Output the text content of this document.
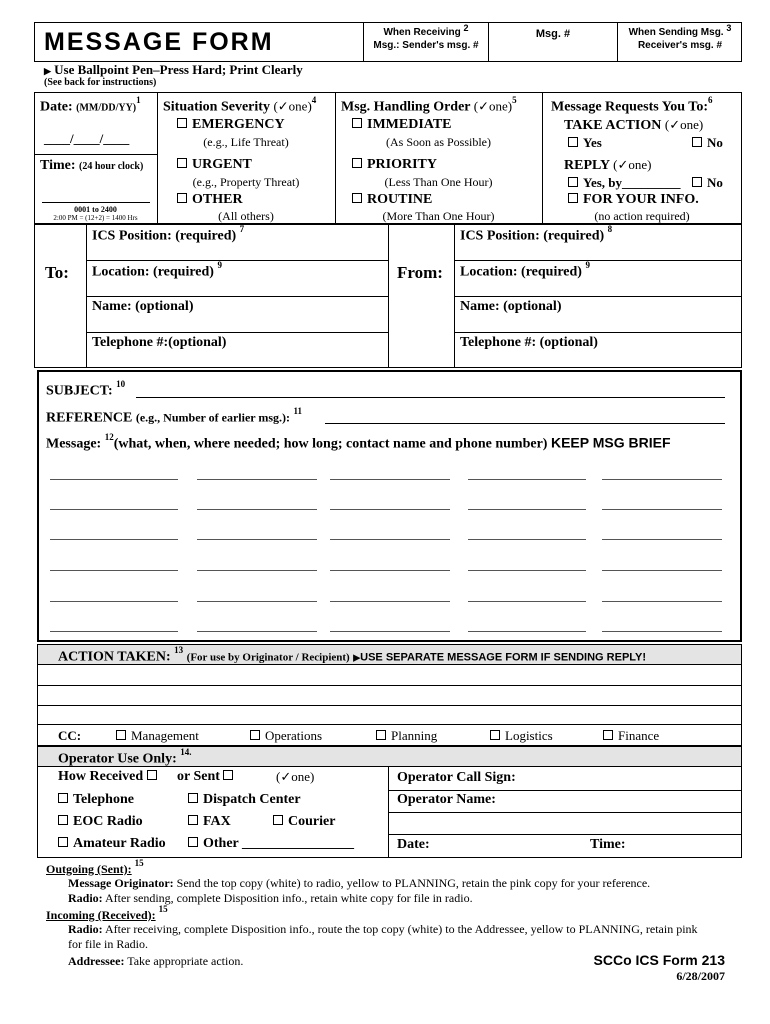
MESSAGE FORM	When Receiving 2
Msg.: Sender's msg. #
Msg. #	When Sending Msg. 3
Receiver's msg. #
▶ Use Ballpoint Pen–Press Hard; Print Clearly
(See back for instructions)
Date: $(MM/DD/YY)^1$
____/____/____
Time: (24 hour clock)
0001 to 2400
2:00 PM = (12+2) = 1400 Hrs
Situation Severity (✓one)$^4$
EMERGENCY
(e.g., Life Threat)
URGENT
(e.g., Property Threat)
OTHER
(All others)
Msg. Handling Order (✓one)$^5$
IMMEDIATE
(As Soon as Possible)
PRIORITY
(Less Than One Hour)
ROUTINE
(More Than One Hour)
Message Requests You To:$^6$
TAKE ACTION (✓one)
Yes	No
REPLY (✓one)
Yes, by_________	No
FOR YOUR INFO.
(no action required)
To:
ICS Position: (required) $^7$
Location: (required) $^9$
Name: (optional)
Telephone #:(optional)
From:
ICS Position: (required) $^8$
Location: (required) $^9$
Name: (optional)
Telephone #: (optional)
SUBJECT: $^{10}$
REFERENCE (e.g., Number of earlier msg.): $^{11}$
Message: $^{12}$(what, when, where needed; how long; contact name and phone number) KEEP MSG BRIEF
ACTION TAKEN: $^{13}$ (For use by Originator / Recipient) ▶USE SEPARATE MESSAGE FORM IF SENDING REPLY!
CC:	Management	Operations	Planning	Logistics	Finance
Operator Use Only: $^{14.}$
How Received	or Sent	(✓one)
Telephone	Dispatch Center
EOC Radio	FAX	Courier
Amateur Radio	Other ________________
Operator Call Sign:
Operator Name:
Date:	Time:
Outgoing (Sent): $^{15}$
Message Originator: Send the top copy (white) to radio, yellow to PLANNING, retain the pink copy for your reference.
Radio: After sending, complete Disposition info., retain white copy for file in radio.
Incoming (Received): $^{15}$
Radio: After receiving, complete Disposition info., route the top copy (white) to the Addressee, yellow to PLANNING, retain pink
for file in Radio.
Addressee: Take appropriate action.	SCCo ICS Form 213
6/28/2007
